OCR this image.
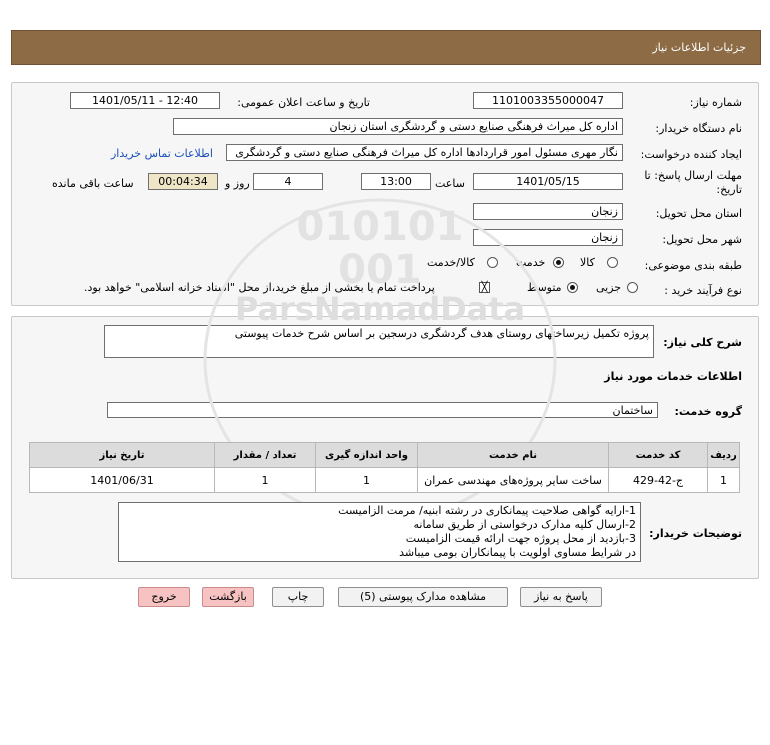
جزئیات اطلاعات نیاز
شماره نیاز:
1101003355000047
تاریخ و ساعت اعلان عمومی:
1401/05/11 - 12:40
نام دستگاه خریدار:
اداره کل میراث فرهنگی صنایع دستی و گردشگری استان زنجان
ایجاد کننده درخواست:
نگار مهری مسئول امور قراردادها اداره کل میراث فرهنگی صنایع دستی و گردشگری
اطلاعات تماس خریدار
مهلت ارسال پاسخ: تا
تاریخ:
1401/05/15
ساعت
13:00
4
روز و
00:04:34
ساعت باقی مانده
استان محل تحویل:
زنجان
شهر محل تحویل:
زنجان
طبقه بندی موضوعی:
کالا
خدمت
کالا/خدمت
نوع فرآیند خرید :
جزیی
متوسط
╳
پرداخت تمام یا بخشی از مبلغ خرید،از محل "اسناد خزانه اسلامی" خواهد بود.
شرح کلی نیاز:
پروژه تکمیل زیرساختهای روستای هدف گردشگری درسجین بر اساس شرح خدمات پیوستی
اطلاعات خدمات مورد نیاز
گروه خدمت:
ساختمان
010101
001
ParsNamadData
ردیف	کد خدمت	نام خدمت	واحد اندازه گیری	تعداد / مقدار	تاریخ نیاز
1	ج-42-429	ساخت سایر پروژه‌های مهندسی عمران	1	1	1401/06/31
توضیحات خریدار:
1-ارایه گواهی صلاحیت پیمانکاری در رشته ابنیه/ مرمت الزامیست
2-ارسال کلیه مدارک درخواستی از طریق سامانه
3-بازدید از محل پروژه جهت ارائه قیمت الزامیست
در شرایط مساوی اولویت با پیمانکاران بومی میباشد
پاسخ به نیاز
مشاهده مدارک پیوستی (5)
چاپ
بازگشت
خروج
